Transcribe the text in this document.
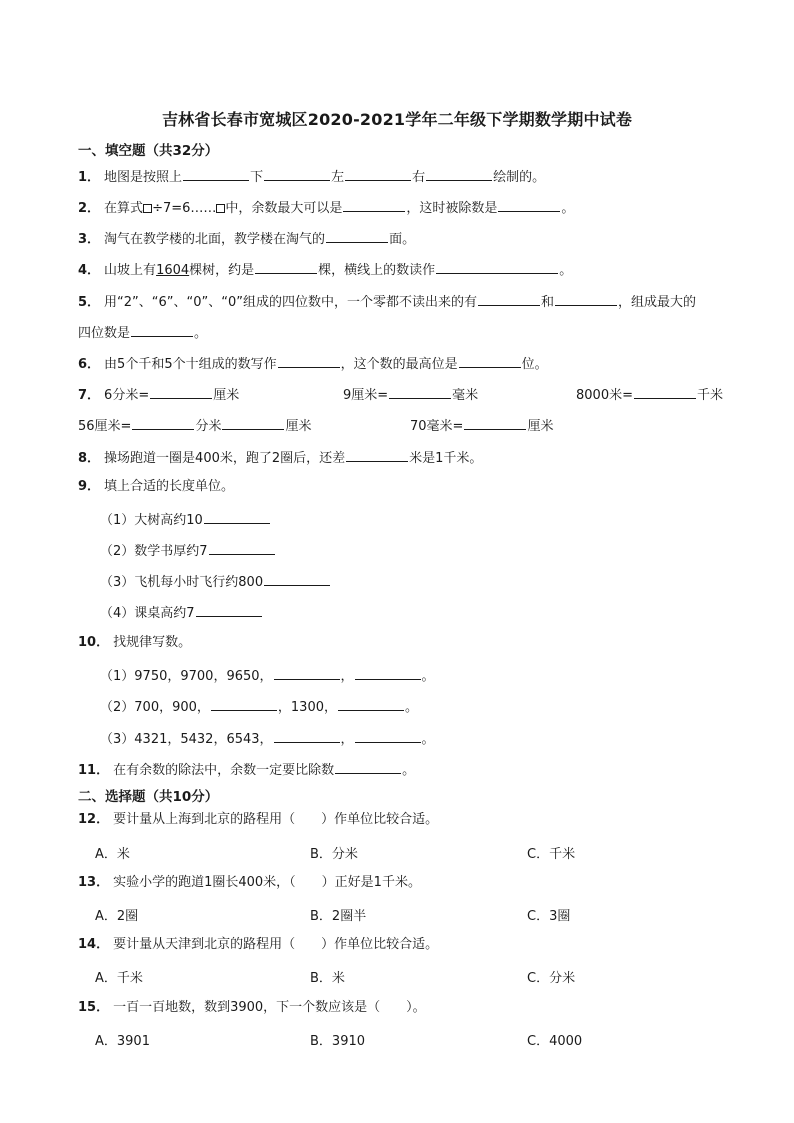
吉林省长春市宽城区2020-2021学年二年级下学期数学期中试卷
一、填空题（共32分）
1． 地图是按照上	下	左	右	绘制的。
2． 在算式 ÷7=6…… 中，余数最大可以是	，这时被除数是	。
3． 淘气在教学楼的北面，教学楼在淘气的	面。
4． 山坡上有1604棵树，约是	棵，横线上的数读作	。
5． 用“2”、“6”、“0”、“0”组成的四位数中，一个零都不读出来的有	和	，组成最大的
四位数是	。
6． 由5个千和5个十组成的数写作	，这个数的最高位是	位。
7． 6分米=	厘米	9厘米=	毫米	8000米=	千米
56厘米=	分米	厘米	70毫米=	厘米
8． 操场跑道一圈是400米，跑了2圈后，还差	米是1千米。
9． 填上合适的长度单位。
（1）大树高约10
（2）数学书厚约7
（3）飞机每小时飞行约800
（4）课桌高约7
10． 找规律写数。
（1）9750，9700，9650，	，	。
（2）700，900，	，1300，	。
（3）4321，5432，6543，	，	。
11． 在有余数的除法中，余数一定要比除数	。
二、选择题（共10分）
12． 要计量从上海到北京的路程用（　　）作单位比较合适。
A．米	B．分米	C．千米
13． 实验小学的跑道1圈长400米，（　　）正好是1千米。
A．2圈	B．2圈半	C．3圈
14． 要计量从天津到北京的路程用（　　）作单位比较合适。
A．千米	B．米	C．分米
15． 一百一百地数，数到3900，下一个数应该是（　　）。
A．3901	B．3910	C．4000
